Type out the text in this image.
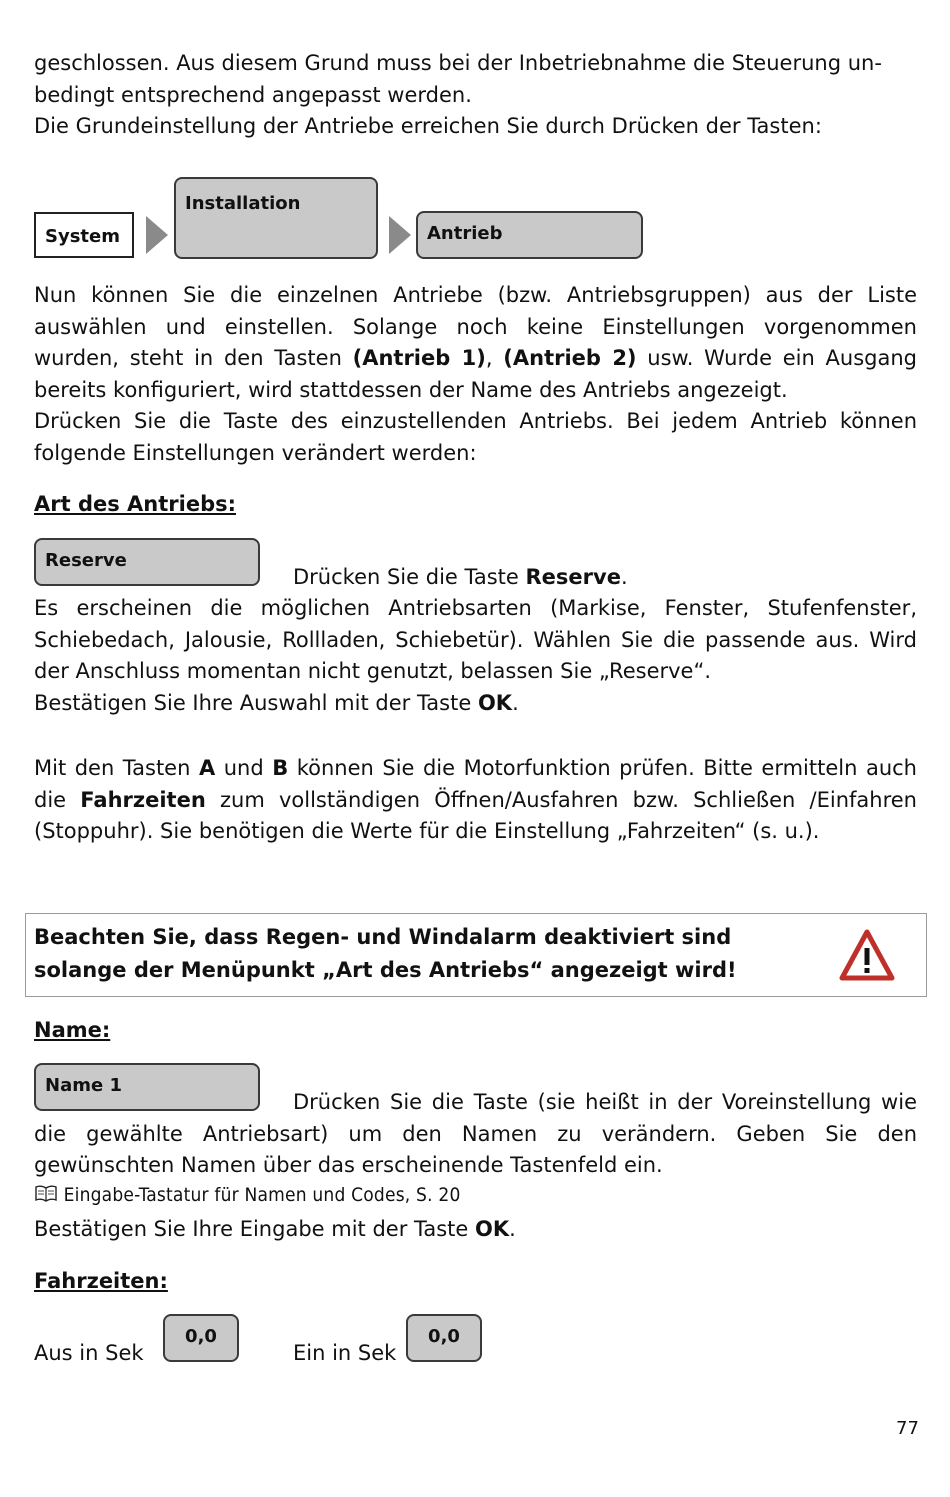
geschlossen. Aus diesem Grund muss bei der Inbetriebnahme die Steuerung un-
bedingt entsprechend angepasst werden.
Die Grundeinstellung der Antriebe erreichen Sie durch Drücken der Tasten:

System
Installation
Antrieb

Nun können Sie die einzelnen Antriebe (bzw. Antriebsgruppen) aus der Liste auswählen und einstellen. Solange noch keine Einstellungen vorgenommen wurden, steht in den Tasten (Antrieb 1), (Antrieb 2) usw. Wurde ein Ausgang bereits konfiguriert, wird stattdessen der Name des Antriebs angezeigt.

Drücken Sie die Taste des einzustellenden Antriebs. Bei jedem Antrieb können folgende Einstellungen verändert werden:

Art des Antriebs:
Reserve
Drücken Sie die Taste Reserve.

Es erscheinen die möglichen Antriebsarten (Markise, Fenster, Stufenfenster, Schiebedach, Jalousie, Rollladen, Schiebetür). Wählen Sie die passende aus. Wird der Anschluss momentan nicht genutzt, belassen Sie „Reserve“.

Bestätigen Sie Ihre Auswahl mit der Taste OK.

Mit den Tasten A und B können Sie die Motorfunktion prüfen. Bitte ermitteln auch die Fahrzeiten zum vollständigen Öffnen/Ausfahren bzw. Schließen /Einfahren (Stoppuhr). Sie benötigen die Werte für die Einstellung „Fahrzeiten“ (s. u.).

Beachten Sie, dass Regen- und Windalarm deaktiviert sind
solange der Menüpunkt „Art des Antriebs“ angezeigt wird!
Name:
Name 1

Drücken Sie die Taste (sie heißt in der Voreinstellung wie die gewählte Antriebsart) um den Namen zu verändern. Geben Sie den gewünschten Namen über das erscheinende Tastenfeld ein.

Eingabe-Tastatur für Namen und Codes, S. 20

Bestätigen Sie Ihre Eingabe mit der Taste OK.

Fahrzeiten:
Aus in Sek
0,0
Ein in Sek
0,0
77
